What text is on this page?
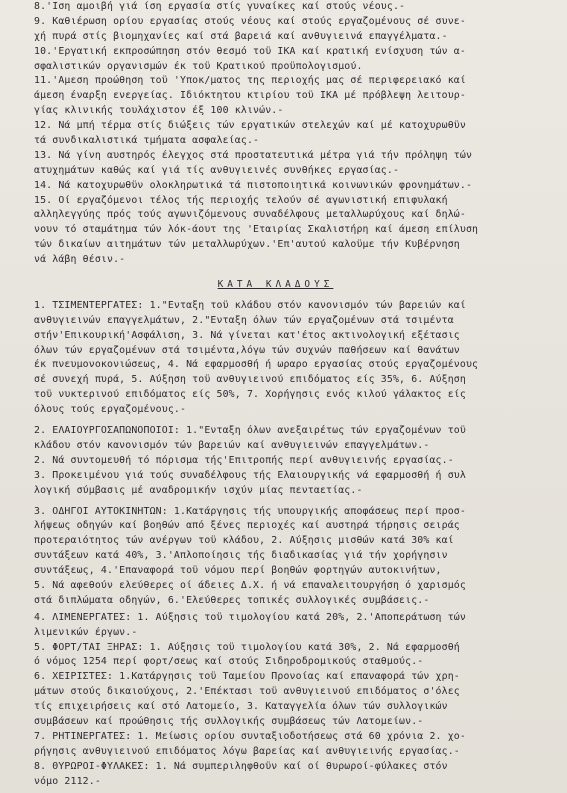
8.'Ιση αμοιβή γιά ίση εργασία στίς γυναίκες καί στούς νέους.-
9. Καθιέρωση ορίου εργασίας στούς νέους καί στούς εργαζομένους σέ συνε-
χή πυρά στίς βιομηχανίες καί στά βαρειά καί ανθυγιεινά επαγγέλματα.-
10.'Εργατική εκπροσώπηση στόν θεσμό τοϋ ΙΚΑ καί κρατική ενίσχυση τών α-
σφαλιστικών οργανισμών έκ τοϋ Κρατικού προϋπολογισμού.
11.'Αμεση προώθηση τοϋ 'Υποκ/ματος της περιοχής μας σέ περιφερειακό καί
άμεση έναρξη ενεργείας. Ιδιόκτητου κτιρίου τοϋ ΙΚΑ μέ πρόβλεψη λειτουρ-
γίας κλινικής τουλάχιστον έξ 100 κλινών.-
12. Νά μπή τέρμα στίς διώξεις τών εργατικών στελεχών καί μέ κατοχυρωθϋν
τά συνδικαλιστικά τμήματα ασφαλείας.-
13. Νά γίνη αυστηρός έλεγχος στά προστατευτικά μέτρα γιά τήν πρόληψη τών
ατυχημάτων καθώς καί γιά τίς ανθυγιεινές συνθήκες εργασίας.-
14. Νά κατοχυρωθϋν ολοκληρωτικά τά πιστοποιητικά κοινωνικών φρονημάτων.-
15. Οί εργαζόμενοι τέλος τής περιοχής τελούν σέ αγωνιστική επιφυλακή
αλληλεγγύης πρός τούς αγωνιζόμενους συναδέλφους μεταλλωρύχους καί δηλώ-
νουν τό σταμάτημα τών λόκ-άουτ της 'Εταιρίας Σκαλιστήρη καί άμεση επίλυση
τών δικαίων αιτημάτων τών μεταλλωρύχων.'Επ'αυτού καλοϋμε τήν Κυβέρνηση
νά λάβη θέσιν.-
ΚΑΤΑ ΚΛΑΔΟΥΣ
1. ΤΣΙΜΕΝΤΕΡΓΑΤΕΣ: 1."Ενταξη τοϋ κλάδου στόν κανονισμόν τών βαρειών καί
ανθυγιεινών επαγγελμάτων, 2."Ενταξη όλων τών εργαζομένων στά τσιμέντα
στήν'Επικουρική'Ασφάλιση, 3. Νά γίνεται κατ'έτος ακτινολογική εξέτασις
όλων τών εργαζομένων στά τσιμέντα,λόγω τών συχνών παθήσεων καί θανάτων
έκ πνευμονοκονιώσεως, 4. Νά εφαρμοσθή ή ωραρο εργασίας στούς εργαζομένους
σέ συνεχή πυρά, 5. Αύξηση τοϋ ανθυγιεινού επιδόματος είς 35%, 6. Αύξηση
τοϋ νυκτερινού επιδόματος είς 50%, 7. Χορήγησις ενός κιλού γάλακτος είς
όλους τούς εργαζομένους.-
2. ΕΛΑΙΟΥΡΓΟΣΑΠΩΝΟΠΟΙΟΙ: 1."Ενταξη όλων ανεξαιρέτως τών εργαζομένων τοϋ
κλάδου στόν κανονισμόν τών βαρειών καί ανθυγιεινών επαγγελμάτων.-
2. Νά συντομευθή τό πόρισμα τής'Επιτροπής περί ανθυγιεινής εργασίας.-
3. Προκειμένου γιά τούς συναδέλφους τής Ελαιουργικής νά εφαρμοσθή ή συλ
λογική σύμβασις μέ αναδρομικήν ισχύν μίας πενταετίας.-
3. ΟΔΗΓΟΙ ΑΥΤΟΚΙΝΗΤΩΝ: 1.Κατάργησις τής υπουργικής αποφάσεως περί προσ-
λήψεως οδηγών καί βοηθών από ξένες περιοχές καί αυστηρά τήρησις σειράς
προτεραιότητος τών ανέργων τοϋ κλάδου, 2. Αύξησις μισθών κατά 30% καί
συντάξεων κατά 40%, 3.'Απλοποίησις τής διαδικασίας γιά τήν χορήγησιν
συντάξεως, 4.'Επαναφορά τοϋ νόμου περί βοηθών φορτηγών αυτοκινήτων,
5. Νά αφεθούν ελεύθερες οί άδειες Δ.Χ. ή νά επαναλειτουργήση ό χαρισμός
στά διπλώματα οδηγών, 6.'Ελεύθερες τοπικές συλλογικές συμβάσεις.-
4. ΛΙΜΕΝΕΡΓΑΤΕΣ: 1. Αύξησις τοϋ τιμολογίου κατά 20%, 2.'Αποπεράτωση τών
λιμενικών έργων.-
5. ΦΟΡΤ/ΤΑΙ ΞΗΡΑΣ: 1. Αύξησις τοϋ τιμολογίου κατά 30%, 2. Νά εφαρμοσθή
ό νόμος 1254 περί φορτ/σεως καί στούς Σιδηροδρομικούς σταθμούς.-
6. ΧΕΙΡΙΣΤΕΣ: 1.Κατάργησις τοϋ Ταμείου Προνοίας καί επαναφορά τών χρη-
μάτων στούς δικαιούχους, 2.'Επέκτασι τοϋ ανθυγιεινού επιδόματος σ'όλες
τίς επιχειρήσεις καί στό Λατομείο, 3. Καταγγελία όλων τών συλλογικών
συμβάσεων καί προώθησις τής συλλογικής συμβάσεως τών Λατομείων.-
7. ΡΗΤΙΝΕΡΓΑΤΕΣ: 1. Μείωσις ορίου συνταξιοδοτήσεως στά 60 χρόνια 2. χο-
ρήγησις ανθυγιεινού επιδόματος λόγω βαρείας καί ανθυγιεινής εργασίας.-
8. ΘΥΡΩΡΟΙ-ΦΥΛΑΚΕΣ: 1. Νά συμπεριληφθοϋν καί οί θυρωροί-φύλακες στόν
νόμο 2112.-
